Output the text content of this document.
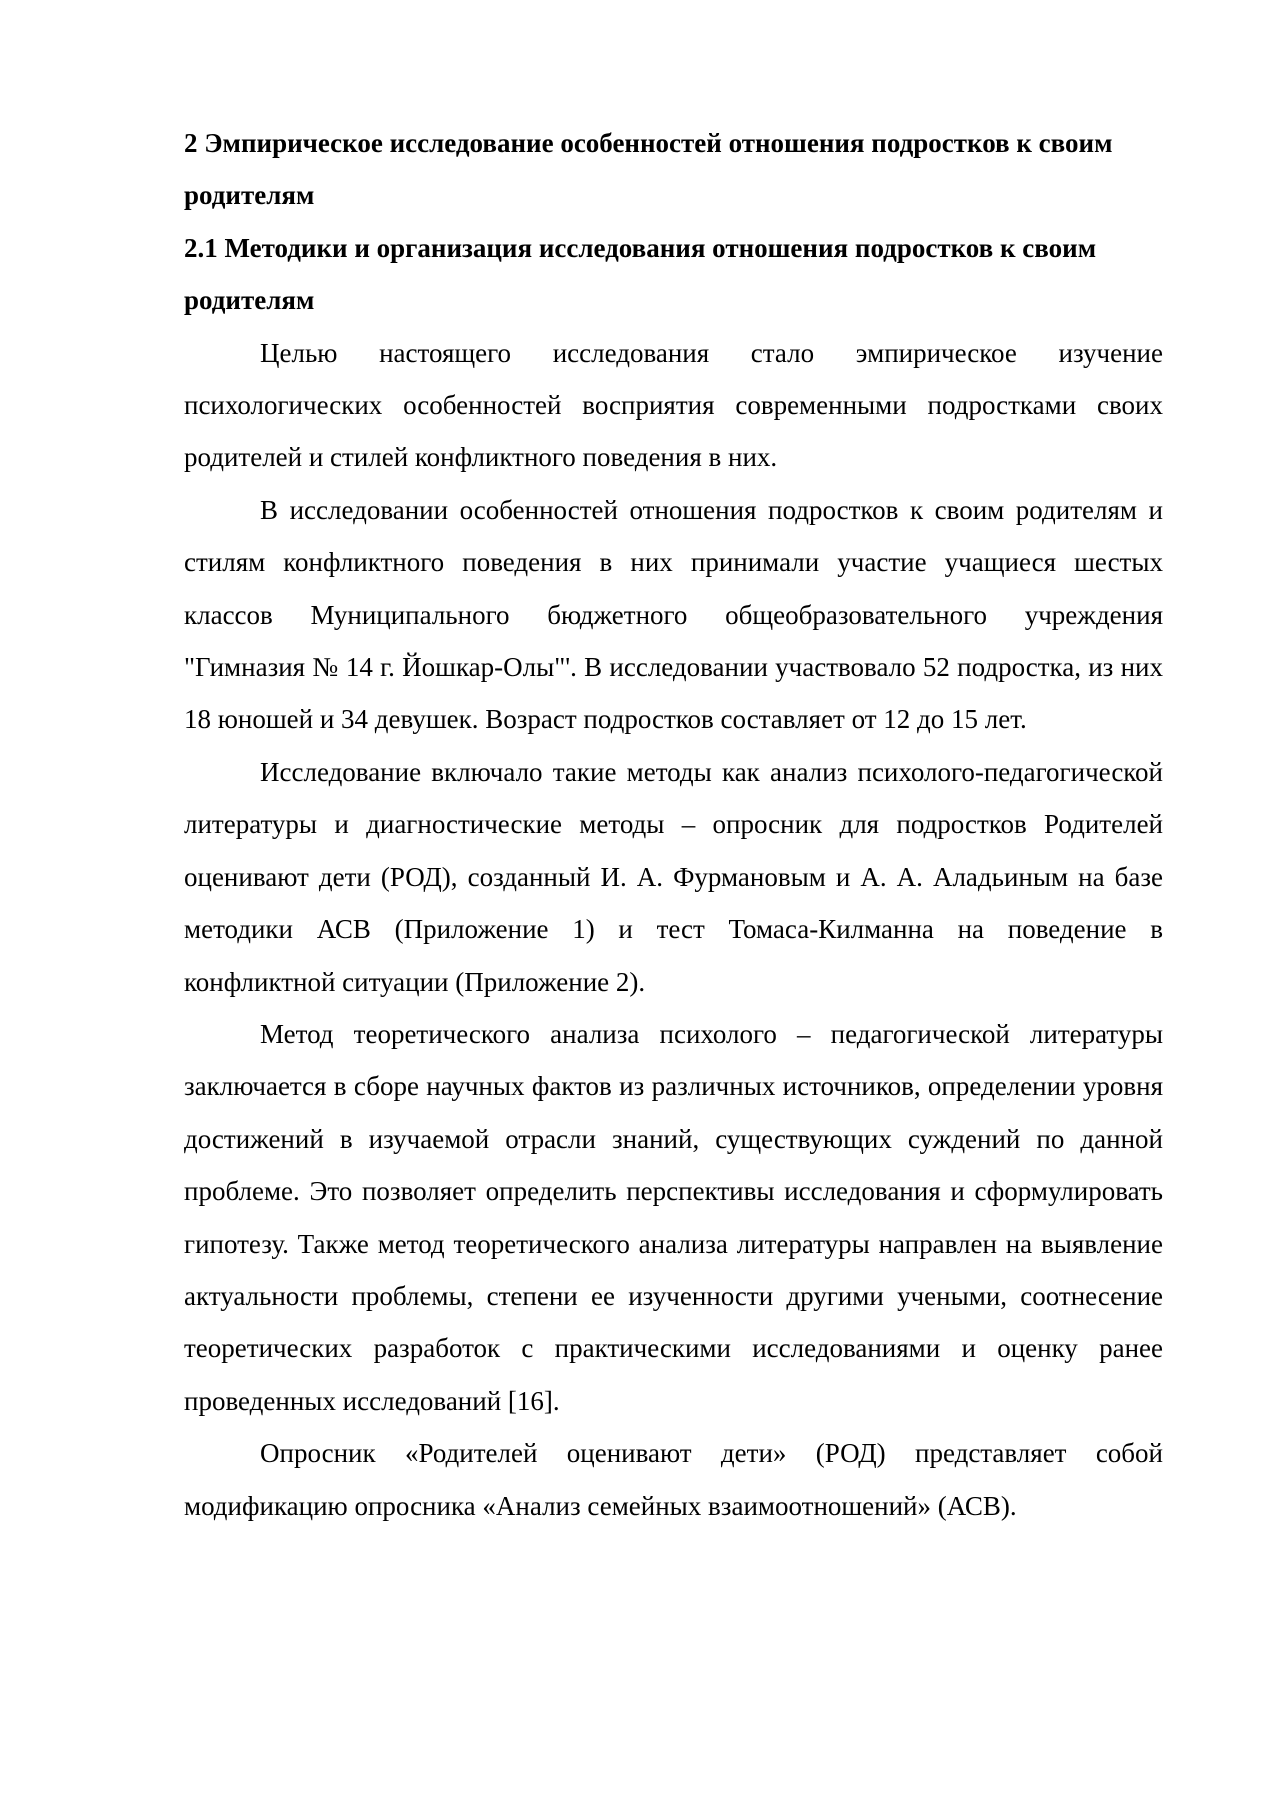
2 Эмпирическое исследование особенностей отношения подростков к своим родителям

2.1 Методики и организация исследования отношения подростков к своим родителям

Целью настоящего исследования стало эмпирическое изучение психологических особенностей восприятия современными подростками своих родителей и стилей конфликтного поведения в них.

В исследовании особенностей отношения подростков к своим родителям и стилям конфликтного поведения в них принимали участие учащиеся шестых классов Муниципального бюджетного общеобразовательного учреждения "Гимназия № 14 г. Йошкар-Олы"'. В исследовании участвовало 52 подростка, из них 18 юношей и 34 девушек. Возраст подростков составляет от 12 до 15 лет.

Исследование включало такие методы как анализ психолого-педагогической литературы и диагностические методы – опросник для подростков Родителей оценивают дети (РОД), созданный И. А. Фурмановым и А. А. Аладьиным на базе методики АСВ (Приложение 1) и тест Томаса-Килманна на поведение в конфликтной ситуации (Приложение 2).

Метод теоретического анализа психолого – педагогической литературы заключается в сборе научных фактов из различных источников, определении уровня достижений в изучаемой отрасли знаний, существующих суждений по данной проблеме. Это позволяет определить перспективы исследования и сформулировать гипотезу. Также метод теоретического анализа литературы направлен на выявление актуальности проблемы, степени ее изученности другими учеными, соотнесение теоретических разработок с практическими исследованиями и оценку ранее проведенных исследований [16].

Опросник «Родителей оценивают дети» (РОД) представляет собой модификацию опросника «Анализ семейных взаимоотношений» (АСВ).
